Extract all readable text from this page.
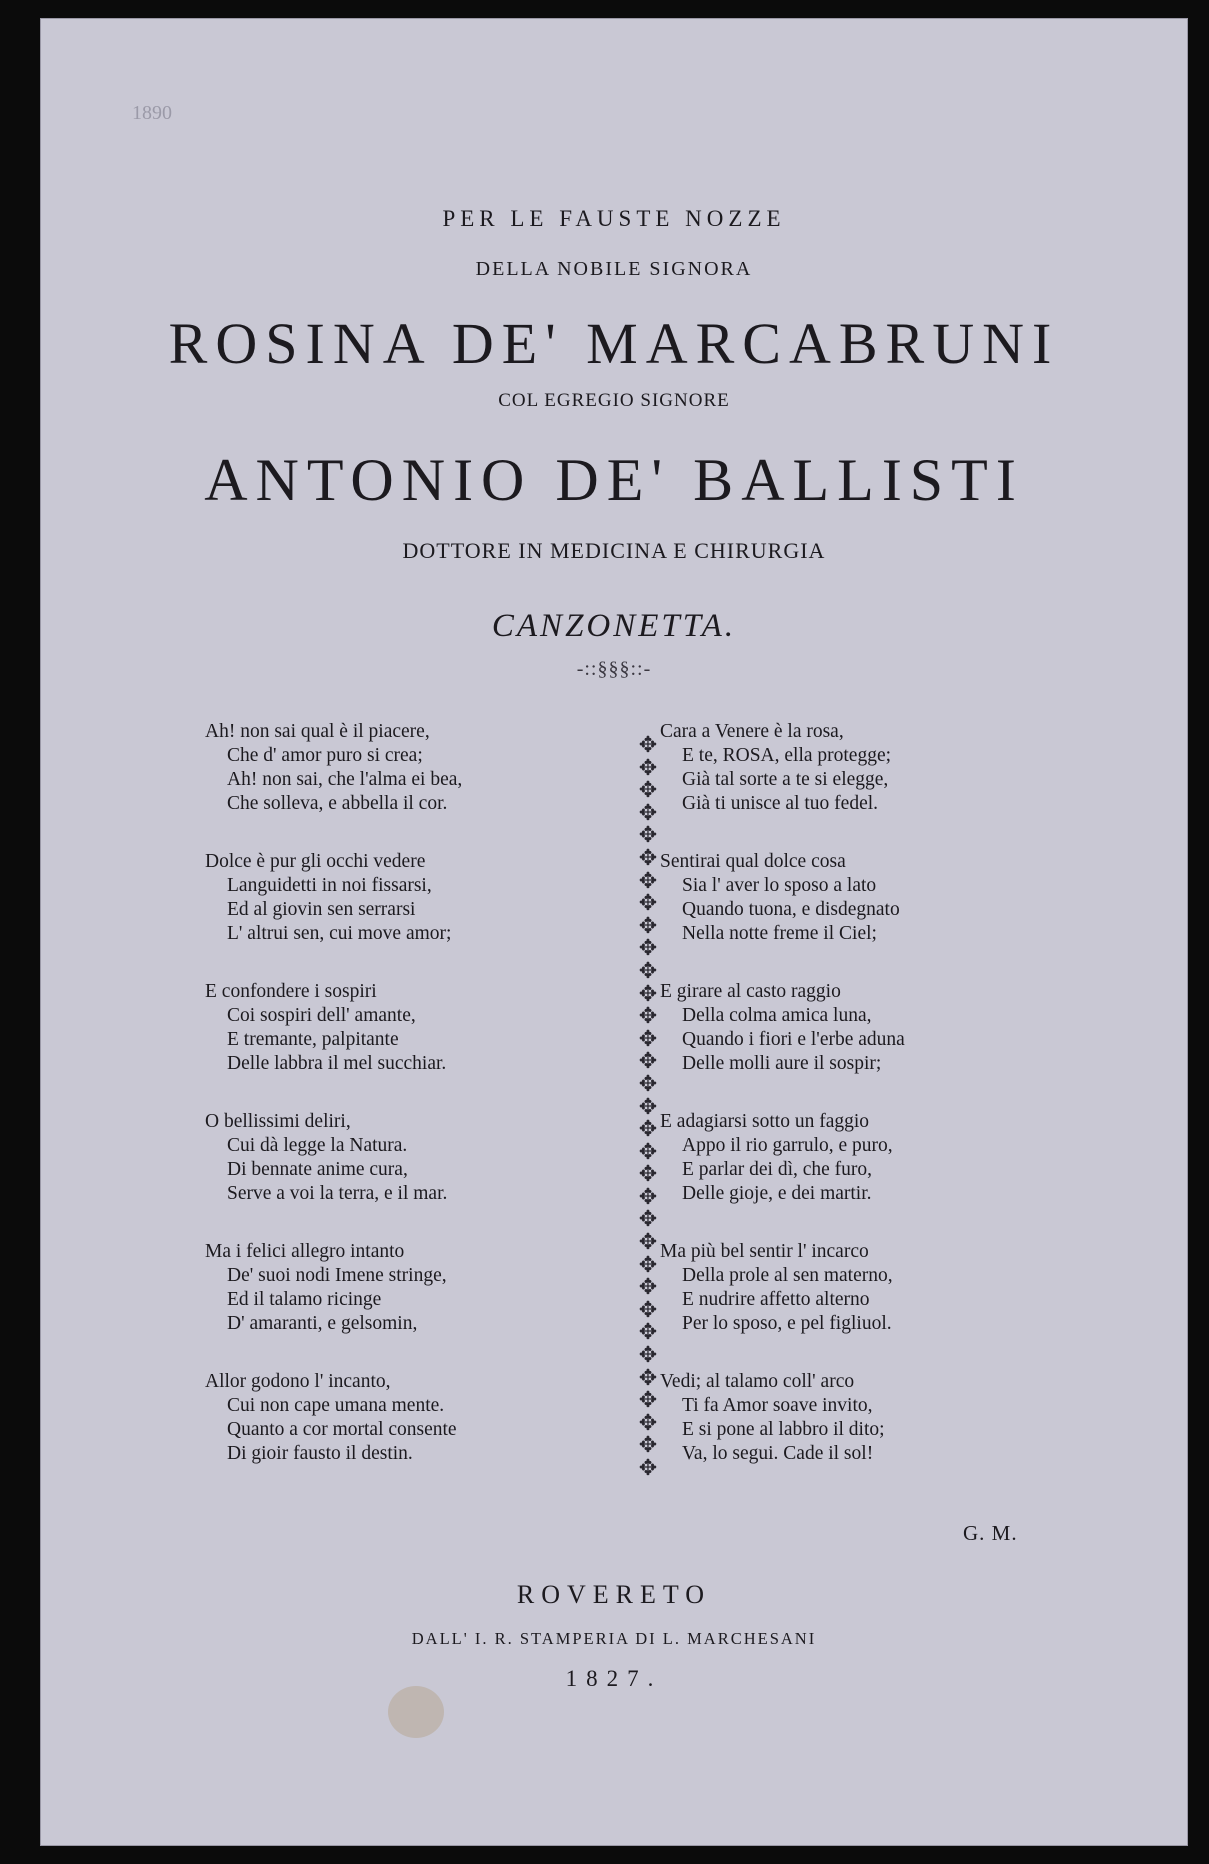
1890
PER LE FAUSTE NOZZE
DELLA NOBILE SIGNORA
ROSINA DE' MARCABRUNI
COL EGREGIO SIGNORE
ANTONIO DE' BALLISTI
DOTTORE IN MEDICINA E CHIRURGIA
CANZONETTA.
-::§§§::-
Ah! non sai qual è il piacere,
Che d' amor puro si crea;
Ah! non sai, che l'alma ei bea,
Che solleva, e abbella il cor.
Dolce è pur gli occhi vedere
Languidetti in noi fissarsi,
Ed al giovin sen serrarsi
L' altrui sen, cui move amor;
E confondere i sospiri
Coi sospiri dell' amante,
E tremante, palpitante
Delle labbra il mel succhiar.
O bellissimi deliri,
Cui dà legge la Natura.
Di bennate anime cura,
Serve a voi la terra, e il mar.
Ma i felici allegro intanto
De' suoi nodi Imene stringe,
Ed il talamo ricinge
D' amaranti, e gelsomin,
Allor godono l' incanto,
Cui non cape umana mente.
Quanto a cor mortal consente
Di gioir fausto il destin.
Cara a Venere è la rosa,
E te, ROSA, ella protegge;
Già tal sorte a te si elegge,
Già ti unisce al tuo fedel.
Sentirai qual dolce cosa
Sia l' aver lo sposo a lato
Quando tuona, e disdegnato
Nella notte freme il Ciel;
E girare al casto raggio
Della colma amica luna,
Quando i fiori e l'erbe aduna
Delle molli aure il sospir;
E adagiarsi sotto un faggio
Appo il rio garrulo, e puro,
E parlar dei dì, che furo,
Delle gioje, e dei martir.
Ma più bel sentir l' incarco
Della prole al sen materno,
E nudrire affetto alterno
Per lo sposo, e pel figliuol.
Vedi; al talamo coll' arco
Ti fa Amor soave invito,
E si pone al labbro il dito;
Va, lo segui. Cade il sol!
✥
✥
✥
✥
✥
✥
✥
✥
✥
✥
✥
✥
✥
✥
✥
✥
✥
✥
✥
✥
✥
✥
✥
✥
✥
✥
✥
✥
✥
✥
✥
✥
✥
G. M.
ROVERETO
DALL' I. R. STAMPERIA DI L. MARCHESANI
1827.
